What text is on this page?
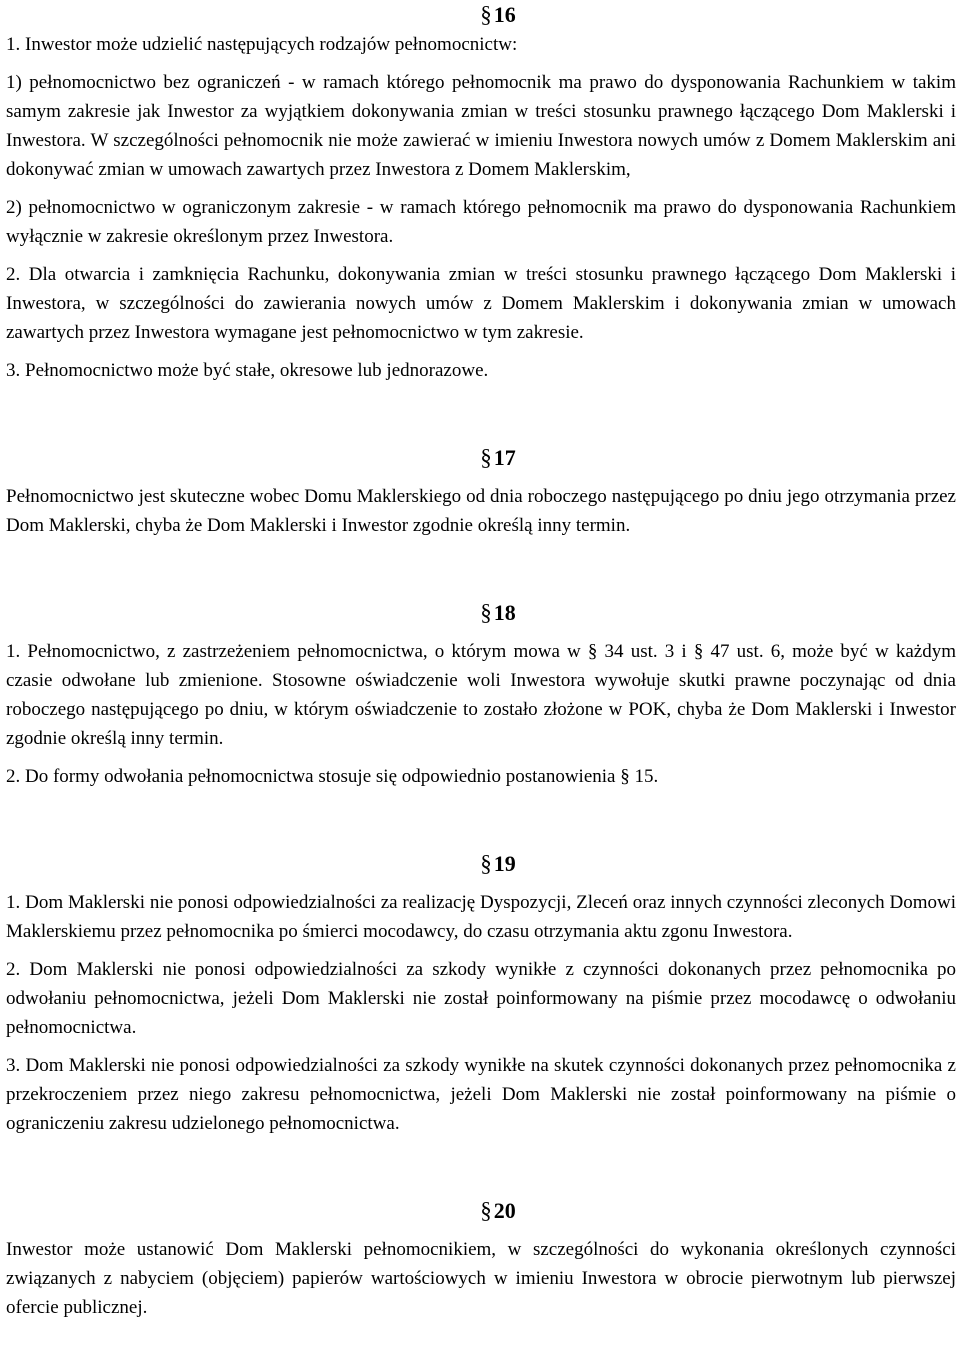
§16

1. Inwestor może udzielić następujących rodzajów pełnomocnictw:

1) pełnomocnictwo bez ograniczeń - w ramach którego pełnomocnik ma prawo do dysponowania Rachunkiem w takim samym zakresie jak Inwestor za wyjątkiem dokonywania zmian w treści stosunku prawnego łączącego Dom Maklerski i Inwestora. W szczególności pełnomocnik nie może zawierać w imieniu Inwestora nowych umów z Domem Maklerskim ani dokonywać zmian w umowach zawartych przez Inwestora z Domem Maklerskim,

2) pełnomocnictwo w ograniczonym zakresie - w ramach którego pełnomocnik ma prawo do dysponowania Rachunkiem wyłącznie w zakresie określonym przez Inwestora.

2. Dla otwarcia i zamknięcia Rachunku, dokonywania zmian w treści stosunku prawnego łączącego Dom Maklerski i Inwestora, w szczególności do zawierania nowych umów z Domem Maklerskim i dokonywania zmian w umowach zawartych przez Inwestora wymagane jest pełnomocnictwo w tym zakresie.

3. Pełnomocnictwo może być stałe, okresowe lub jednorazowe.

§17

Pełnomocnictwo jest skuteczne wobec Domu Maklerskiego od dnia roboczego następującego po dniu jego otrzymania przez Dom Maklerski, chyba że Dom Maklerski i Inwestor zgodnie określą inny termin.

§18

1. Pełnomocnictwo, z zastrzeżeniem pełnomocnictwa, o którym mowa w § 34 ust. 3 i § 47 ust. 6, może być w każdym czasie odwołane lub zmienione. Stosowne oświadczenie woli Inwestora wywołuje skutki prawne poczynając od dnia roboczego następującego po dniu, w którym oświadczenie to zostało złożone w POK, chyba że Dom Maklerski i Inwestor zgodnie określą inny termin.

2. Do formy odwołania pełnomocnictwa stosuje się odpowiednio postanowienia § 15.

§19

1. Dom Maklerski nie ponosi odpowiedzialności za realizację Dyspozycji, Zleceń oraz innych czynności zleconych Domowi Maklerskiemu przez pełnomocnika po śmierci mocodawcy, do czasu otrzymania aktu zgonu Inwestora.

2. Dom Maklerski nie ponosi odpowiedzialności za szkody wynikłe z czynności dokonanych przez pełnomocnika po odwołaniu pełnomocnictwa, jeżeli Dom Maklerski nie został poinformowany na piśmie przez mocodawcę o odwołaniu pełnomocnictwa.

3. Dom Maklerski nie ponosi odpowiedzialności za szkody wynikłe na skutek czynności dokonanych przez pełnomocnika z przekroczeniem przez niego zakresu pełnomocnictwa, jeżeli Dom Maklerski nie został poinformowany na piśmie o ograniczeniu zakresu udzielonego pełnomocnictwa.

§20

Inwestor może ustanowić Dom Maklerski pełnomocnikiem, w szczególności do wykonania określonych czynności związanych z nabyciem (objęciem) papierów wartościowych w imieniu Inwestora w obrocie pierwotnym lub pierwszej ofercie publicznej.
